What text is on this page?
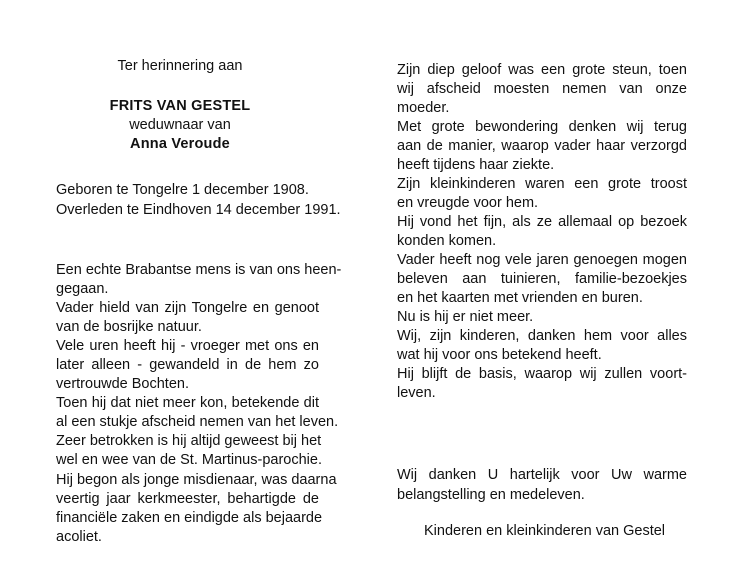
Ter herinnering aan
FRITS VAN GESTEL
weduwnaar van
Anna Veroude
Geboren te Tongelre 1 december 1908.
Overleden te Eindhoven 14 december 1991.
Een echte Brabantse mens is van ons heen-
gegaan.
Vader hield van zijn Tongelre en genoot
van de bosrijke natuur.
Vele uren heeft hij - vroeger met ons en
later alleen - gewandeld in de hem zo
vertrouwde Bochten.
Toen hij dat niet meer kon, betekende dit
al een stukje afscheid nemen van het leven.
Zeer betrokken is hij altijd geweest bij het
wel en wee van de St. Martinus-parochie.
Hij begon als jonge misdienaar, was daarna
veertig jaar kerkmeester, behartigde de
financiële zaken en eindigde als bejaarde
acoliet.
Zijn diep geloof was een grote steun, toen
wij afscheid moesten nemen van onze
moeder.
Met grote bewondering denken wij terug
aan de manier, waarop vader haar verzorgd
heeft tijdens haar ziekte.
Zijn kleinkinderen waren een grote troost
en vreugde voor hem.
Hij vond het fijn, als ze allemaal op bezoek
konden komen.
Vader heeft nog vele jaren genoegen mogen
beleven aan tuinieren, familie-bezoekjes
en het kaarten met vrienden en buren.
Nu is hij er niet meer.
Wij, zijn kinderen, danken hem voor alles
wat hij voor ons betekend heeft.
Hij blijft de basis, waarop wij zullen voort-
leven.
Wij danken U hartelijk voor Uw warme
belangstelling en medeleven.
Kinderen en kleinkinderen van Gestel
